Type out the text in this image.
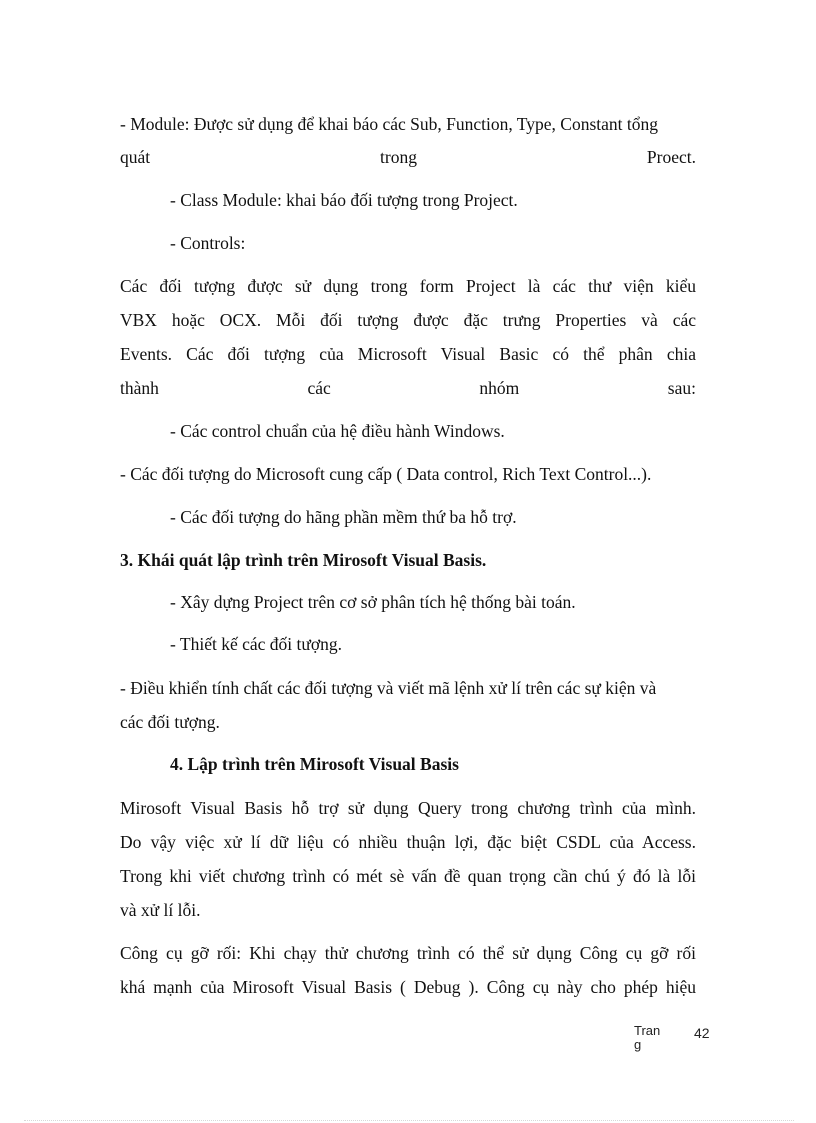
- Module: Được sử dụng để khai báo các Sub, Function, Type, Constant tổng
quát trong Proect.
- Class Module: khai báo đối tượng trong Project.
- Controls:
Các đối tượng được sử dụng trong form Project là các thư viện kiểu
VBX hoặc OCX. Mỗi đối tượng được đặc trưng Properties và các
Events. Các đối tượng của Microsoft Visual Basic có thể phân chia
thành các nhóm sau:
- Các control chuẩn của hệ điều hành Windows.
- Các đối tượng do Microsoft cung cấp ( Data control, Rich Text Control...).
- Các đối tượng do hãng phần mềm thứ ba hỗ trợ.
3. Khái quát lập trình trên Mirosoft Visual Basis.
- Xây dựng Project trên cơ sở phân tích hệ thống bài toán.
- Thiết kế các đối tượng.
- Điều khiển tính chất các đối tượng và viết mã lệnh xử lí trên các sự kiện và
các đối tượng.
4. Lập trình trên Mirosoft Visual Basis
Mirosoft Visual Basis hỗ trợ sử dụng Query trong chương trình của mình.
Do vậy việc xử lí dữ liệu có nhiều thuận lợi, đặc biệt CSDL của Access.
Trong khi viết chương trình có mét sè vấn đề quan trọng cần chú ý đó là lỗi
và xử lí lỗi.
Công cụ gỡ rối: Khi chạy thử chương trình có thể sử dụng Công cụ gỡ rối
khá mạnh của Mirosoft Visual Basis ( Debug ). Công cụ này cho phép hiệu
Trang
42
